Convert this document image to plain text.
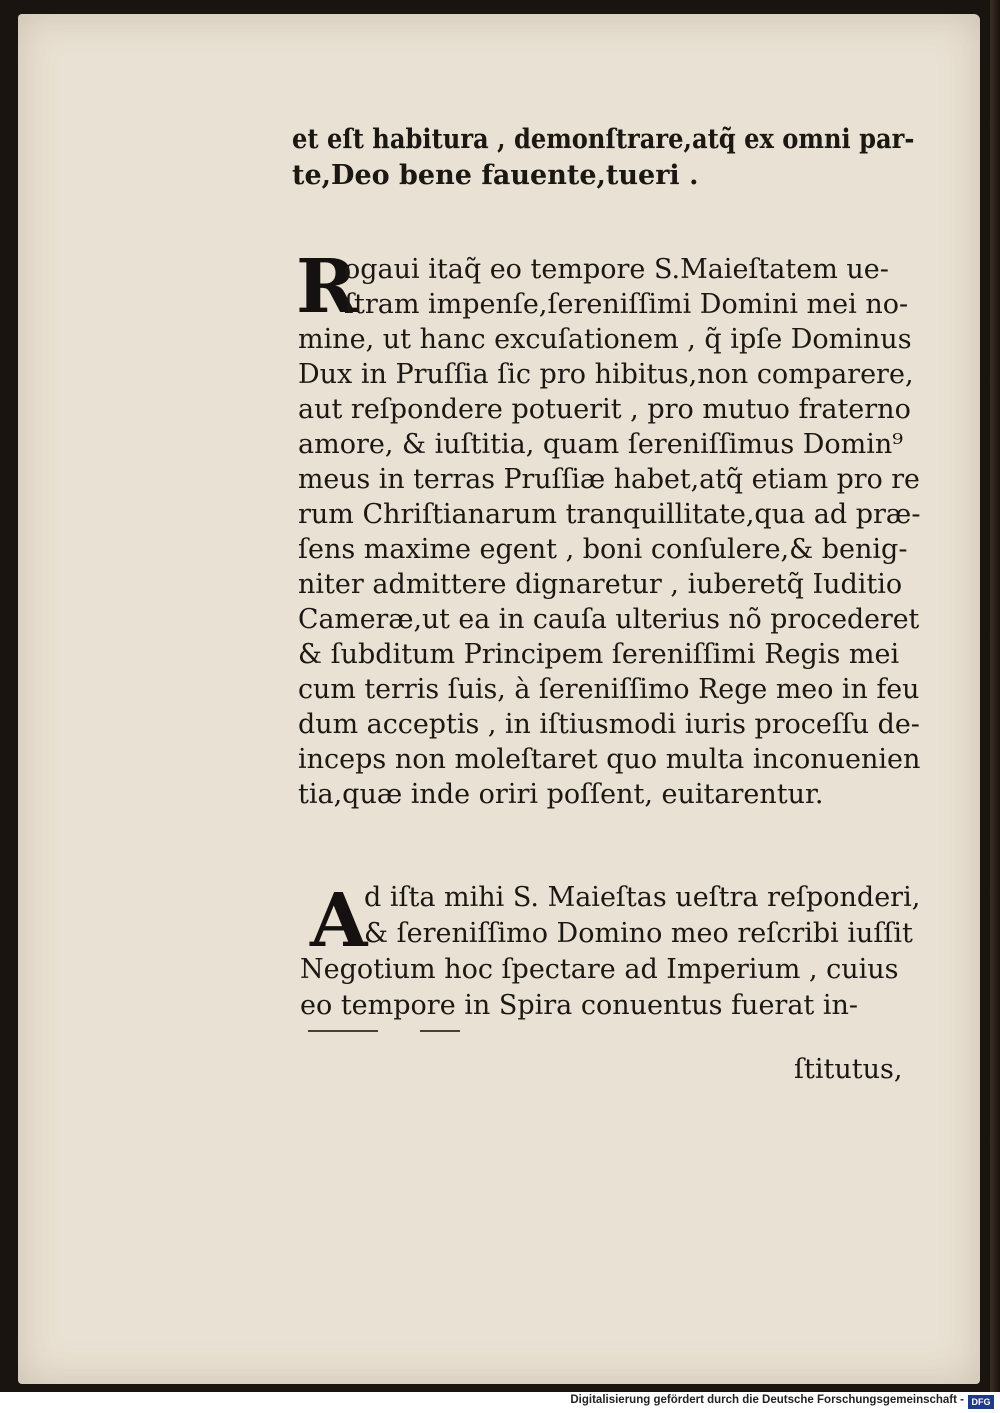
et eſt habitura , demonſtrare,atq̃ ex omni par-
te,Deo bene fauente,tueri .
R
ogaui itaq̃ eo tempore S.Maieſtatem ue-
ſtram impenſe,ſereniſſimi Domini mei no-
mine, ut hanc excuſationem , q̃ ipſe Dominus
Dux in Pruſſia ſic pro hibitus,non comparere,
aut reſpondere potuerit , pro mutuo fraterno
amore, & iuſtitia, quam ſereniſſimus Domin⁹
meus in terras Pruſſiæ habet,atq̃ etiam pro re
rum Chriſtianarum tranquillitate,qua ad præ-
ſens maxime egent , boni conſulere,& benig-
niter admittere dignaretur , iuberetq̃ Iuditio
Cameræ,ut ea in cauſa ulterius nõ procederet
& ſubditum Principem ſereniſſimi Regis mei
cum terris ſuis, à ſereniſſimo Rege meo in feu
dum acceptis , in iſtiusmodi iuris proceſſu de-
inceps non moleſtaret quo multa inconuenien
tia,quæ inde oriri poſſent, euitarentur.
A
d iſta mihi S. Maieſtas ueſtra reſponderi,
& ſereniſſimo Domino meo reſcribi iuſſit
Negotium hoc ſpectare ad Imperium , cuius
eo tempore in Spira conuentus fuerat in-
ſtitutus,
Digitalisierung gefördert durch die Deutsche Forschungsgemeinschaft - DFG
